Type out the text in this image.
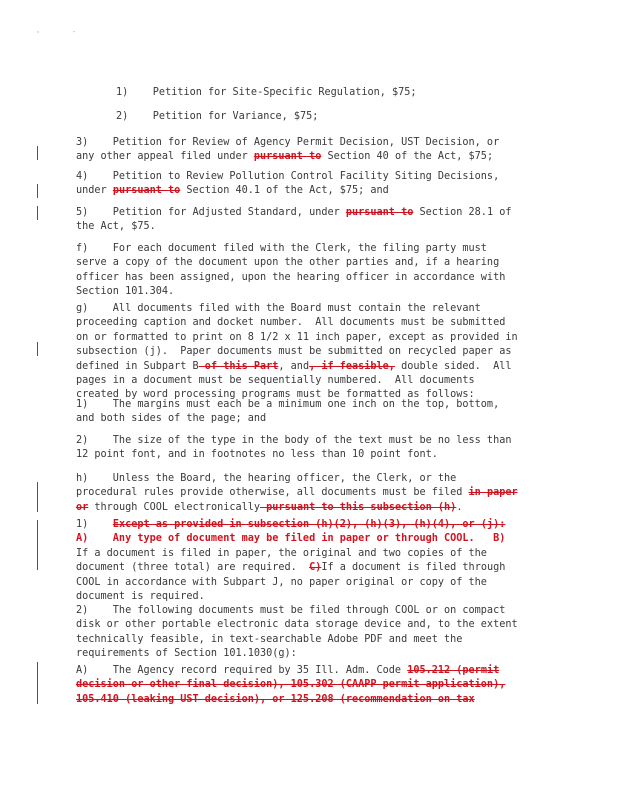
'	-
1)    Petition for Site-Specific Regulation, $75;
2)    Petition for Variance, $75;
3)    Petition for Review of Agency Permit Decision, UST Decision, or
any other appeal filed under pursuant to Section 40 of the Act, $75;
4)    Petition to Review Pollution Control Facility Siting Decisions,
under pursuant to Section 40.1 of the Act, $75; and
5)    Petition for Adjusted Standard, under pursuant to Section 28.1 of
the Act, $75.
f)    For each document filed with the Clerk, the filing party must
serve a copy of the document upon the other parties and, if a hearing
officer has been assigned, upon the hearing officer in accordance with
Section 101.304.
g)    All documents filed with the Board must contain the relevant
proceeding caption and docket number.  All documents must be submitted
on or formatted to print on 8 1/2 x 11 inch paper, except as provided in
subsection (j).  Paper documents must be submitted on recycled paper as
defined in Subpart B of this Part, and, if feasible, double sided.  All
pages in a document must be sequentially numbered.  All documents
created by word processing programs must be formatted as follows:
1)    The margins must each be a minimum one inch on the top, bottom,
and both sides of the page; and
2)    The size of the type in the body of the text must be no less than
12 point font, and in footnotes no less than 10 point font.
h)    Unless the Board, the hearing officer, the Clerk, or the
procedural rules provide otherwise, all documents must be filed in paper
or through COOL electronically pursuant to this subsection (h).
1)    Except as provided in subsection (h)(2), (h)(3), (h)(4), or (j):
A)    Any type of document may be filed in paper or through COOL.   B)
If a document is filed in paper, the original and two copies of the
document (three total) are required.  C)If a document is filed through
COOL in accordance with Subpart J, no paper original or copy of the
document is required.
2)    The following documents must be filed through COOL or on compact
disk or other portable electronic data storage device and, to the extent
technically feasible, in text-searchable Adobe PDF and meet the
requirements of Section 101.1030(g):
A)    The Agency record required by 35 Ill. Adm. Code 105.212 (permit
decision or other final decision), 105.302 (CAAPP permit application),
105.410 (leaking UST decision), or 125.208 (recommendation on tax
